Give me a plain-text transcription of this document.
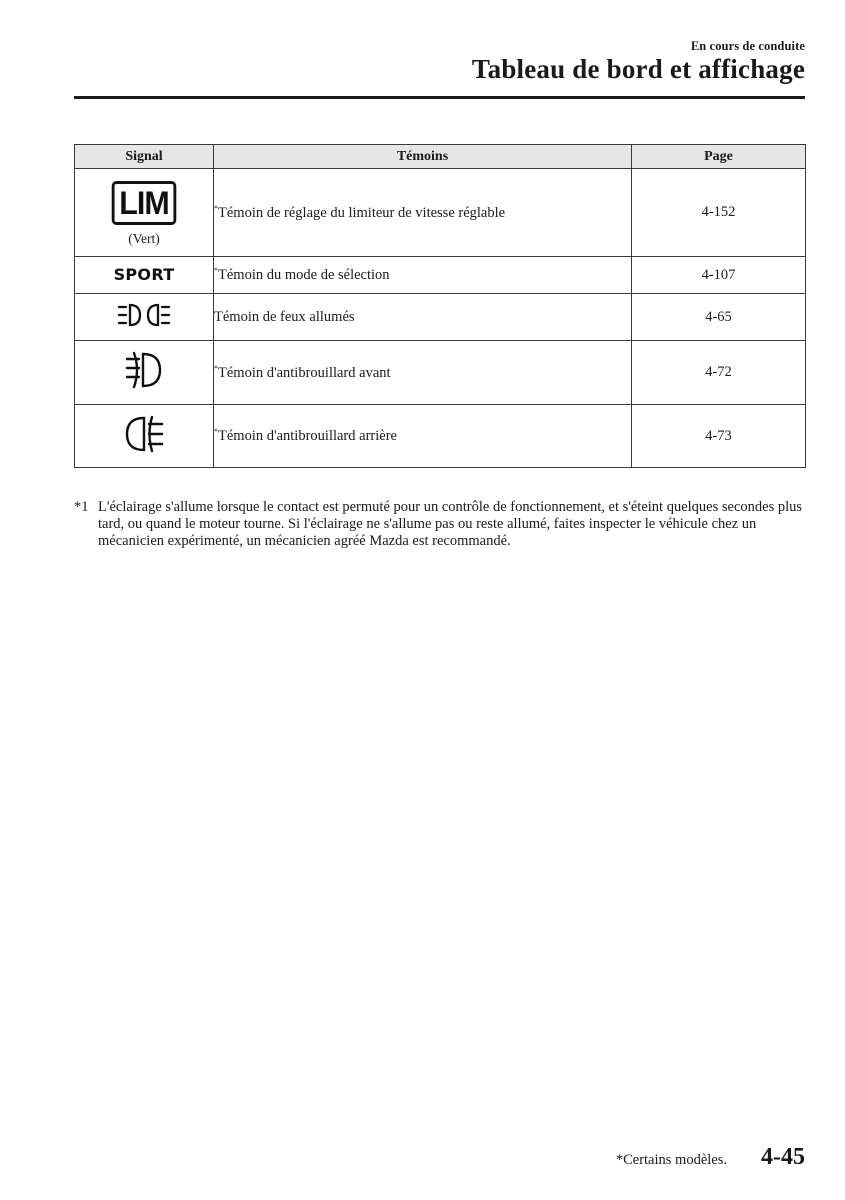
En cours de conduite
Tableau de bord et affichage
Signal	Témoins	Page
LIM
(Vert)	*Témoin de réglage du limiteur de vitesse réglable	4-152
SPORT	*Témoin du mode de sélection	4-107
	Témoin de feux allumés	4-65
	*Témoin d'antibrouillard avant	4-72
	*Témoin d'antibrouillard arrière	4-73
*1 L'éclairage s'allume lorsque le contact est permuté pour un contrôle de fonctionnement, et s'éteint quelques secondes plus tard, ou quand le moteur tourne. Si l'éclairage ne s'allume pas ou reste allumé, faites inspecter le véhicule chez un mécanicien expérimenté, un mécanicien agréé Mazda est recommandé.
*Certains modèles. 4-45
